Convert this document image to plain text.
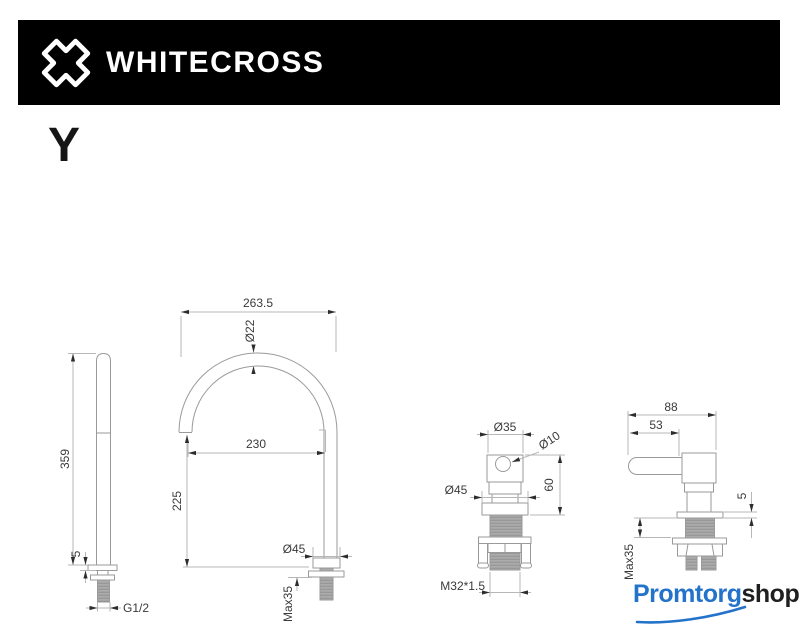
WHITECROSS
Y
359
5
G1/2
263.5
Ø22
230
225
Ø45
Max35
Ø35
Ø10
Ø45	60
M32*1.5
88
53
5
Max35
Promtorgshop
